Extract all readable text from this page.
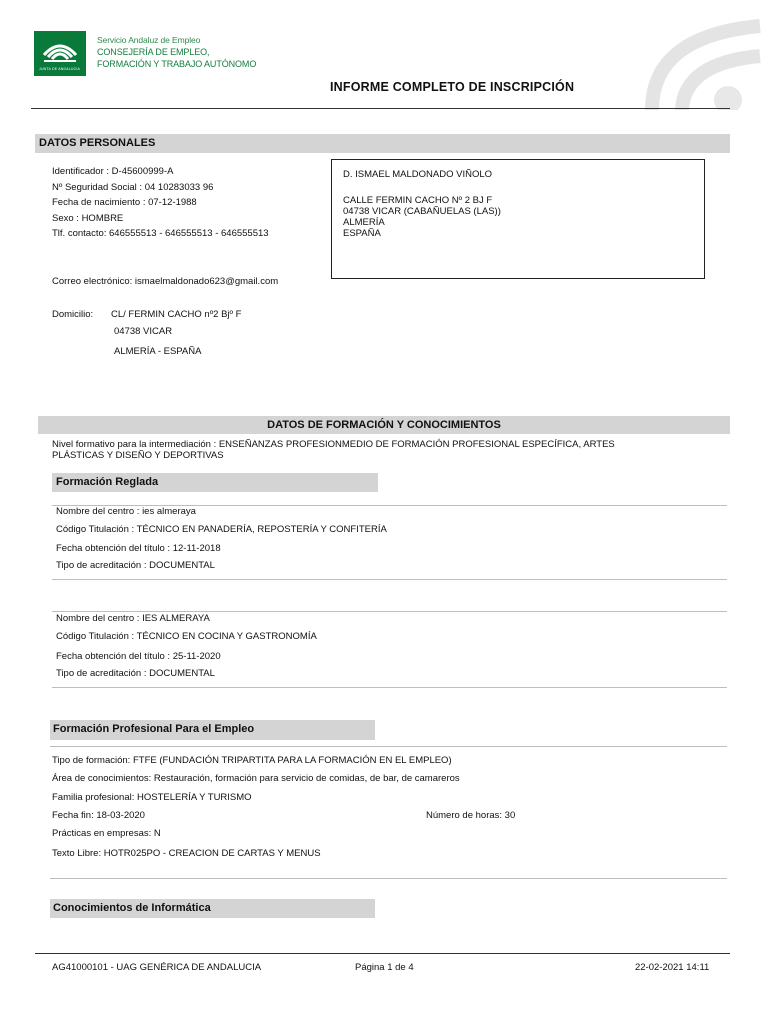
JUNTA DE ANDALUCIA
Servicio Andaluz de Empleo
CONSEJERÍA DE EMPLEO,
FORMACIÓN Y TRABAJO AUTÓNOMO
INFORME COMPLETO DE INSCRIPCIÓN
DATOS PERSONALES
Identificador : D-45600999-A
Nº Seguridad Social : 04 10283033 96
Fecha de nacimiento : 07-12-1988
Sexo : HOMBRE
Tlf. contacto: 646555513 - 646555513 - 646555513
Correo electrónico: ismaelmaldonado623@gmail.com
Domicilio: CL/ FERMIN CACHO nº2 Bjº F
04738 VICAR
ALMERÍA - ESPAÑA
D. ISMAEL MALDONADO VIÑOLO
CALLE FERMIN CACHO Nº 2 BJ F
04738 VICAR (CABAÑUELAS (LAS))
ALMERÍA
ESPAÑA
DATOS DE FORMACIÓN Y CONOCIMIENTOS
Nivel formativo para la intermediación : ENSEÑANZAS PROFESIONMEDIO DE FORMACIÓN PROFESIONAL ESPECÍFICA, ARTES
PLÁSTICAS Y DISEÑO Y DEPORTIVAS
Formación Reglada
Nombre del centro : ies almeraya
Código Titulación : TÉCNICO EN PANADERÍA, REPOSTERÍA Y CONFITERÍA
Fecha obtención del título : 12-11-2018
Tipo de acreditación : DOCUMENTAL
Nombre del centro : IES ALMERAYA
Código Titulación : TÉCNICO EN COCINA Y GASTRONOMÍA
Fecha obtención del título : 25-11-2020
Tipo de acreditación : DOCUMENTAL
Formación Profesional Para el Empleo
Tipo de formación: FTFE (FUNDACIÓN TRIPARTITA PARA LA FORMACIÓN EN EL EMPLEO)
Área de conocimientos: Restauración, formación para servicio de comidas, de bar, de camareros
Familia profesional: HOSTELERÍA Y TURISMO
Fecha fin: 18-03-2020	Número de horas: 30
Prácticas en empresas: N
Texto Libre: HOTR025PO - CREACION DE CARTAS Y MENUS
Conocimientos de Informática
AG41000101 - UAG GENÉRICA DE ANDALUCIA	Página 1 de 4	22-02-2021 14:11
